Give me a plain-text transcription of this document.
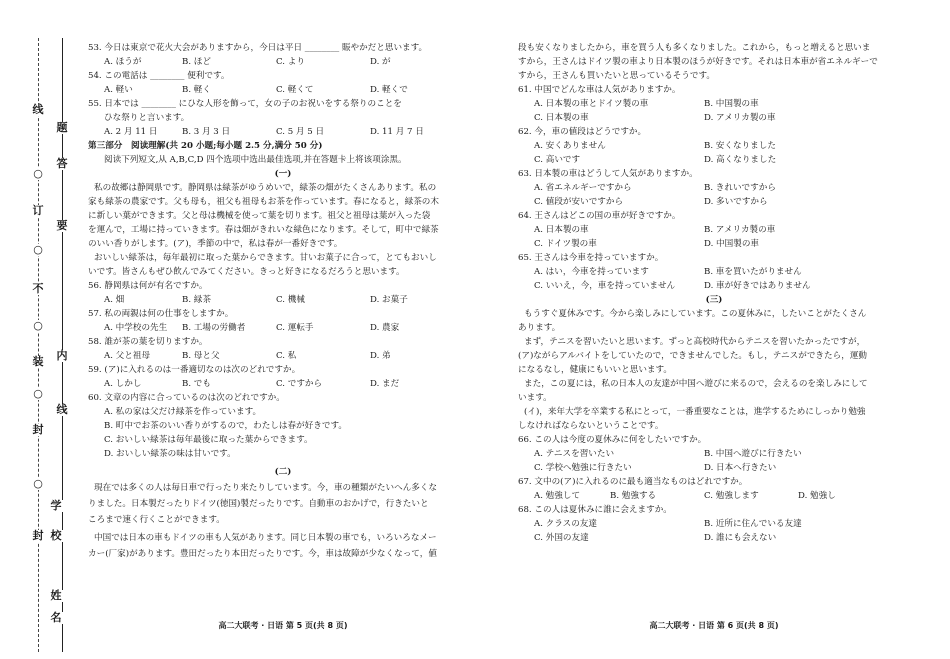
线
○
订
○
不
○
装
○
封
○
封
题
答
要
内
线
学
校
姓
名
53. 今日は東京で花火大会がありますから，今日は平日 ________ 賑やかだと思います。
A. ほうが	B. ほど	C. より	D. が
54. この電話は ________ 便利です。
A. 軽い	B. 軽く	C. 軽くて	D. 軽くで
55. 日本では ________ にひな人形を飾って，女の子のお祝いをする祭りのことを
ひな祭りと言います。
A. 2 月 11 日	B. 3 月 3 日	C. 5 月 5 日	D. 11 月 7 日
第三部分　阅读理解(共 20 小题;每小题 2.5 分,满分 50 分)
阅读下列短文,从 A,B,C,D 四个选项中选出最佳选项,并在答题卡上将该项涂黑。
(一)
私の故郷は静岡県です。静岡県は緑茶がゆうめいで，緑茶の畑がたくさんあります。私の
家も緑茶の農家です。父も母も，祖父も祖母もお茶を作っています。春になると，緑茶の木
に新しい葉ができます。父と母は機械を使って葉を切ります。祖父と祖母は葉が入った袋
を運んで，工場に持っていきます。春は畑がきれいな緑色になります。そして，町中で緑茶
のいい香りがします。(ア)，季節の中で，私は春が一番好きです。
おいしい緑茶は，毎年最初に取った葉からできます。甘いお菓子に合って，とてもおいし
いです。皆さんもぜひ飲んでみてください。きっと好きになるだろうと思います。
56. 静岡県は何が有名ですか。
A. 畑	B. 緑茶	C. 機械	D. お菓子
57. 私の両親は何の仕事をしますか。
A. 中学校の先生 B. 工場の労働者	C. 運転手	D. 農家
58. 誰が茶の葉を切りますか。
A. 父と祖母	B. 母と父	C. 私	D. 弟
59. (ア)に入れるのは一番適切なのは次のどれですか。
A. しかし	B. でも	C. ですから	D. まだ
60. 文章の内容に合っているのは次のどれですか。
A. 私の家は父だけ緑茶を作っています。
B. 町中でお茶のいい香りがするので，わたしは春が好きです。
C. おいしい緑茶は毎年最後に取った葉からできます。
D. おいしい緑茶の味は甘いです。
(二)
現在では多くの人は毎日車で行ったり来たりしています。今，車の種類がたいへん多くな
りました。日本製だったりドイツ(徳国)製だったりです。自動車のおかげで，行きたいと
ころまで速く行くことができます。
中国では日本の車もドイツの車も人気があります。同じ日本製の車でも，いろいろなメー
カー(厂家)があります。豊田だったり本田だったりです。今，車は故障が少なくなって，値
段も安くなりましたから，車を買う人も多くなりました。これから，もっと増えると思いま
すから，王さんはドイツ製の車より日本製のほうが好きです。それは日本車が省エネルギーで
すから，王さんも買いたいと思っているそうです。
61. 中国でどんな車は人気がありますか。
A. 日本製の車とドイツ製の車	B. 中国製の車
C. 日本製の車	D. アメリカ製の車
62. 今，車の値段はどうですか。
A. 安くありません	B. 安くなりました
C. 高いです	D. 高くなりました
63. 日本製の車はどうして人気がありますか。
A. 省エネルギーですから	B. きれいですから
C. 値段が安いですから	D. 多いですから
64. 王さんはどこの国の車が好きですか。
A. 日本製の車	B. アメリカ製の車
C. ドイツ製の車	D. 中国製の車
65. 王さんは今車を持っていますか。
A. はい，今車を持っています	B. 車を買いたがりません
C. いいえ，今，車を持っていません	D. 車が好きではありません
(三)
もうすぐ夏休みです。今から楽しみにしています。この夏休みに，したいことがたくさん
あります。
まず，テニスを習いたいと思います。ずっと高校時代からテニスを習いたかったですが，
(ア)ながらアルバイトをしていたので，できませんでした。もし，テニスができたら，運動
になるなし，健康にもいいと思います。
また，この夏には，私の日本人の友達が中国へ遊びに来るので，会えるのを楽しみにして
います。
(イ)，来年大学を卒業する私にとって，一番重要なことは，進学するためにしっかり勉強
しなければならないということです。
66. この人は今度の夏休みに何をしたいですか。
A. テニスを習いたい	B. 中国へ遊びに行きたい
C. 学校へ勉強に行きたい	D. 日本へ行きたい
67. 文中の(ア)に入れるのに最も適当なものはどれですか。
A. 勉強して	B. 勉強する	C. 勉強します	D. 勉強し
68. この人は夏休みに誰に会えますか。
A. クラスの友達	B. 近所に住んでいる友達
C. 外国の友達	D. 誰にも会えない
高二大联考 · 日语 第 5 页(共 8 页)	高二大联考 · 日语 第 6 页(共 8 页)
